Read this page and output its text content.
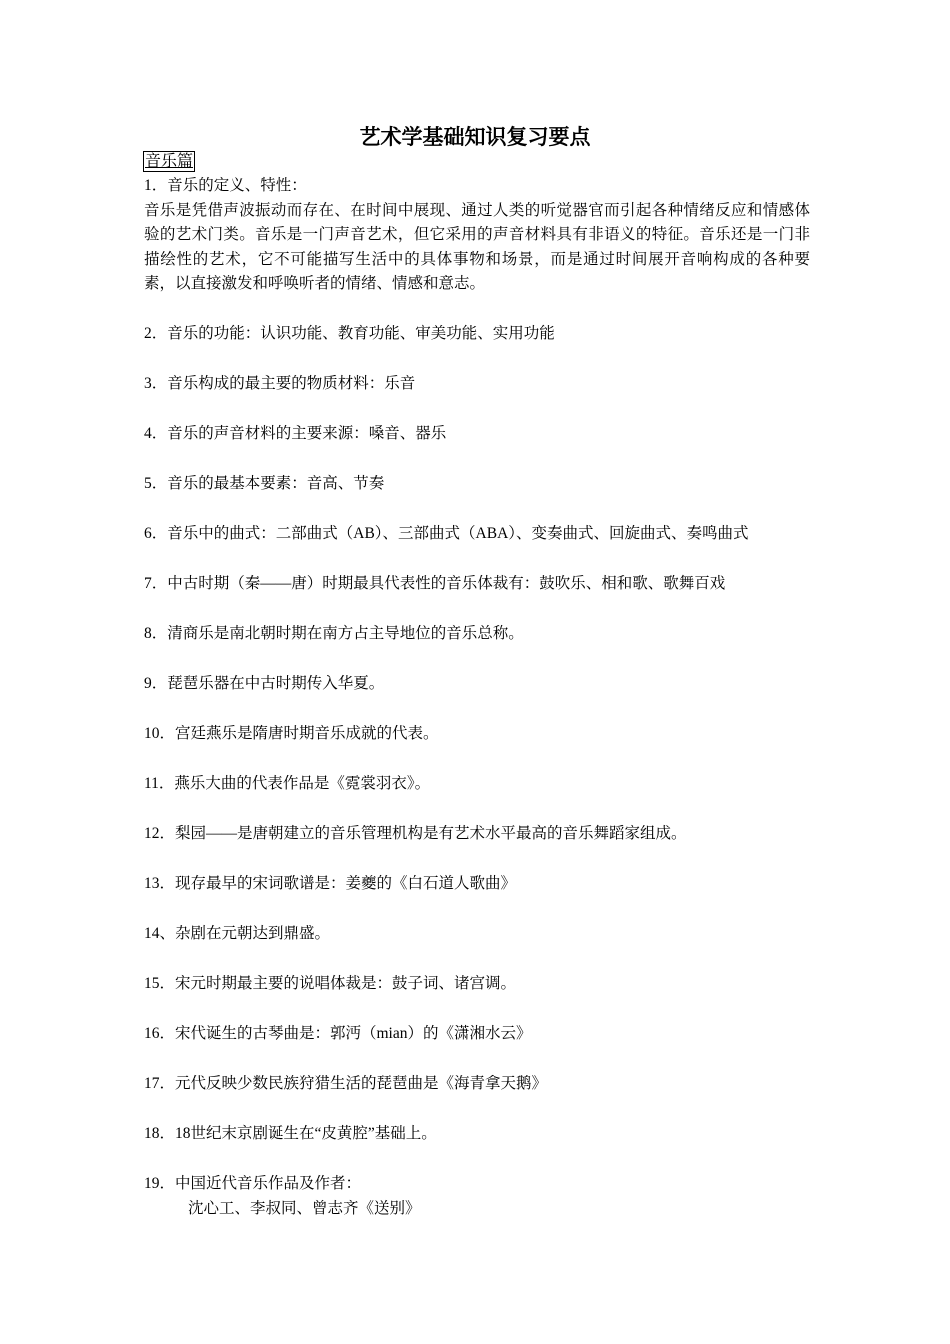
艺术学基础知识复习要点
音乐篇

1．音乐的定义、特性：

音乐是凭借声波振动而存在、在时间中展现、通过人类的听觉器官而引起各种情绪反应和情感体验的艺术门类。音乐是一门声音艺术，但它采用的声音材料具有非语义的特征。音乐还是一门非描绘性的艺术，它不可能描写生活中的具体事物和场景，而是通过时间展开音响构成的各种要素，以直接激发和呼唤听者的情绪、情感和意志。

2．音乐的功能：认识功能、教育功能、审美功能、实用功能

3．音乐构成的最主要的物质材料：乐音

4．音乐的声音材料的主要来源：嗓音、器乐

5．音乐的最基本要素：音高、节奏

6．音乐中的曲式：二部曲式（AB）、三部曲式（ABA）、变奏曲式、回旋曲式、奏鸣曲式

7．中古时期（秦——唐）时期最具代表性的音乐体裁有：鼓吹乐、相和歌、歌舞百戏

8．清商乐是南北朝时期在南方占主导地位的音乐总称。

9．琵琶乐器在中古时期传入华夏。

10．宫廷燕乐是隋唐时期音乐成就的代表。

11．燕乐大曲的代表作品是《霓裳羽衣》。

12．梨园——是唐朝建立的音乐管理机构是有艺术水平最高的音乐舞蹈家组成。

13．现存最早的宋词歌谱是：姜夔的《白石道人歌曲》

14、杂剧在元朝达到鼎盛。

15．宋元时期最主要的说唱体裁是：鼓子词、诸宫调。

16．宋代诞生的古琴曲是：郭沔（mian）的《潇湘水云》

17．元代反映少数民族狩猎生活的琵琶曲是《海青拿天鹅》

18．18世纪末京剧诞生在“皮黄腔”基础上。

19．中国近代音乐作品及作者：

沈心工、李叔同、曾志齐《送别》
